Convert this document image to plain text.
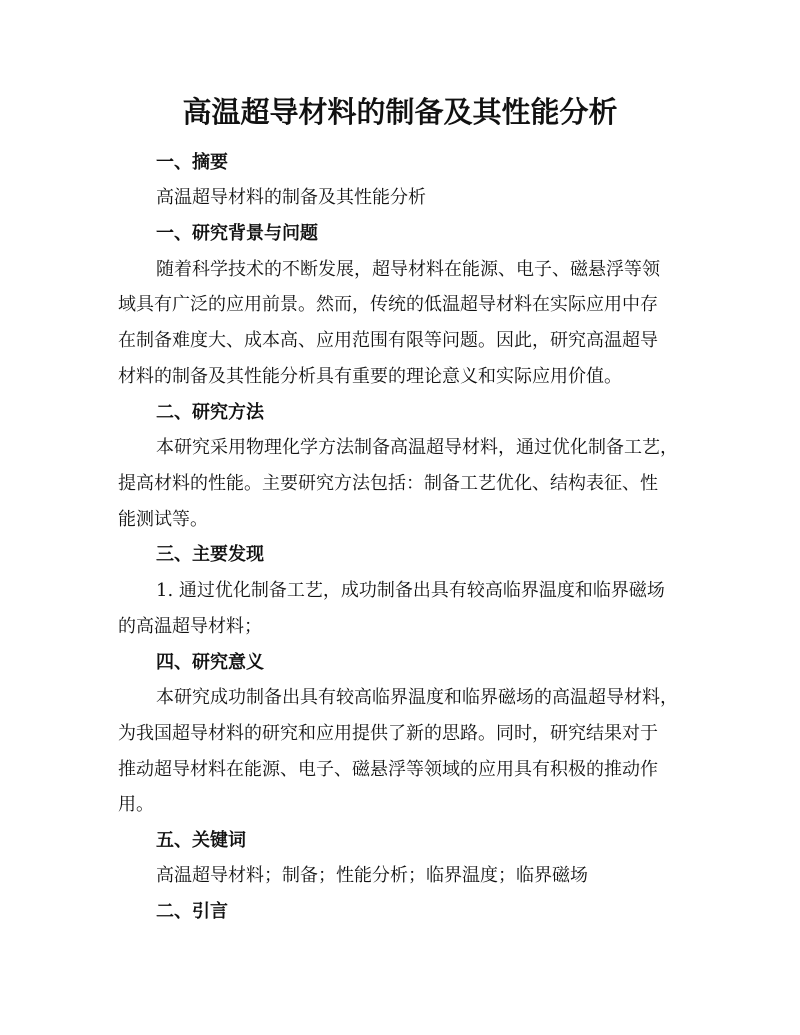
高温超导材料的制备及其性能分析
一、摘要
高温超导材料的制备及其性能分析
一、研究背景与问题
随着科学技术的不断发展，超导材料在能源、电子、磁悬浮等领
域具有广泛的应用前景。然而，传统的低温超导材料在实际应用中存
在制备难度大、成本高、应用范围有限等问题。因此，研究高温超导
材料的制备及其性能分析具有重要的理论意义和实际应用价值。
二、研究方法
本研究采用物理化学方法制备高温超导材料，通过优化制备工艺，
提高材料的性能。主要研究方法包括：制备工艺优化、结构表征、性
能测试等。
三、主要发现
1. 通过优化制备工艺，成功制备出具有较高临界温度和临界磁场
的高温超导材料；
四、研究意义
本研究成功制备出具有较高临界温度和临界磁场的高温超导材料，
为我国超导材料的研究和应用提供了新的思路。同时，研究结果对于
推动超导材料在能源、电子、磁悬浮等领域的应用具有积极的推动作
用。
五、关键词
高温超导材料；制备；性能分析；临界温度；临界磁场
二、引言
